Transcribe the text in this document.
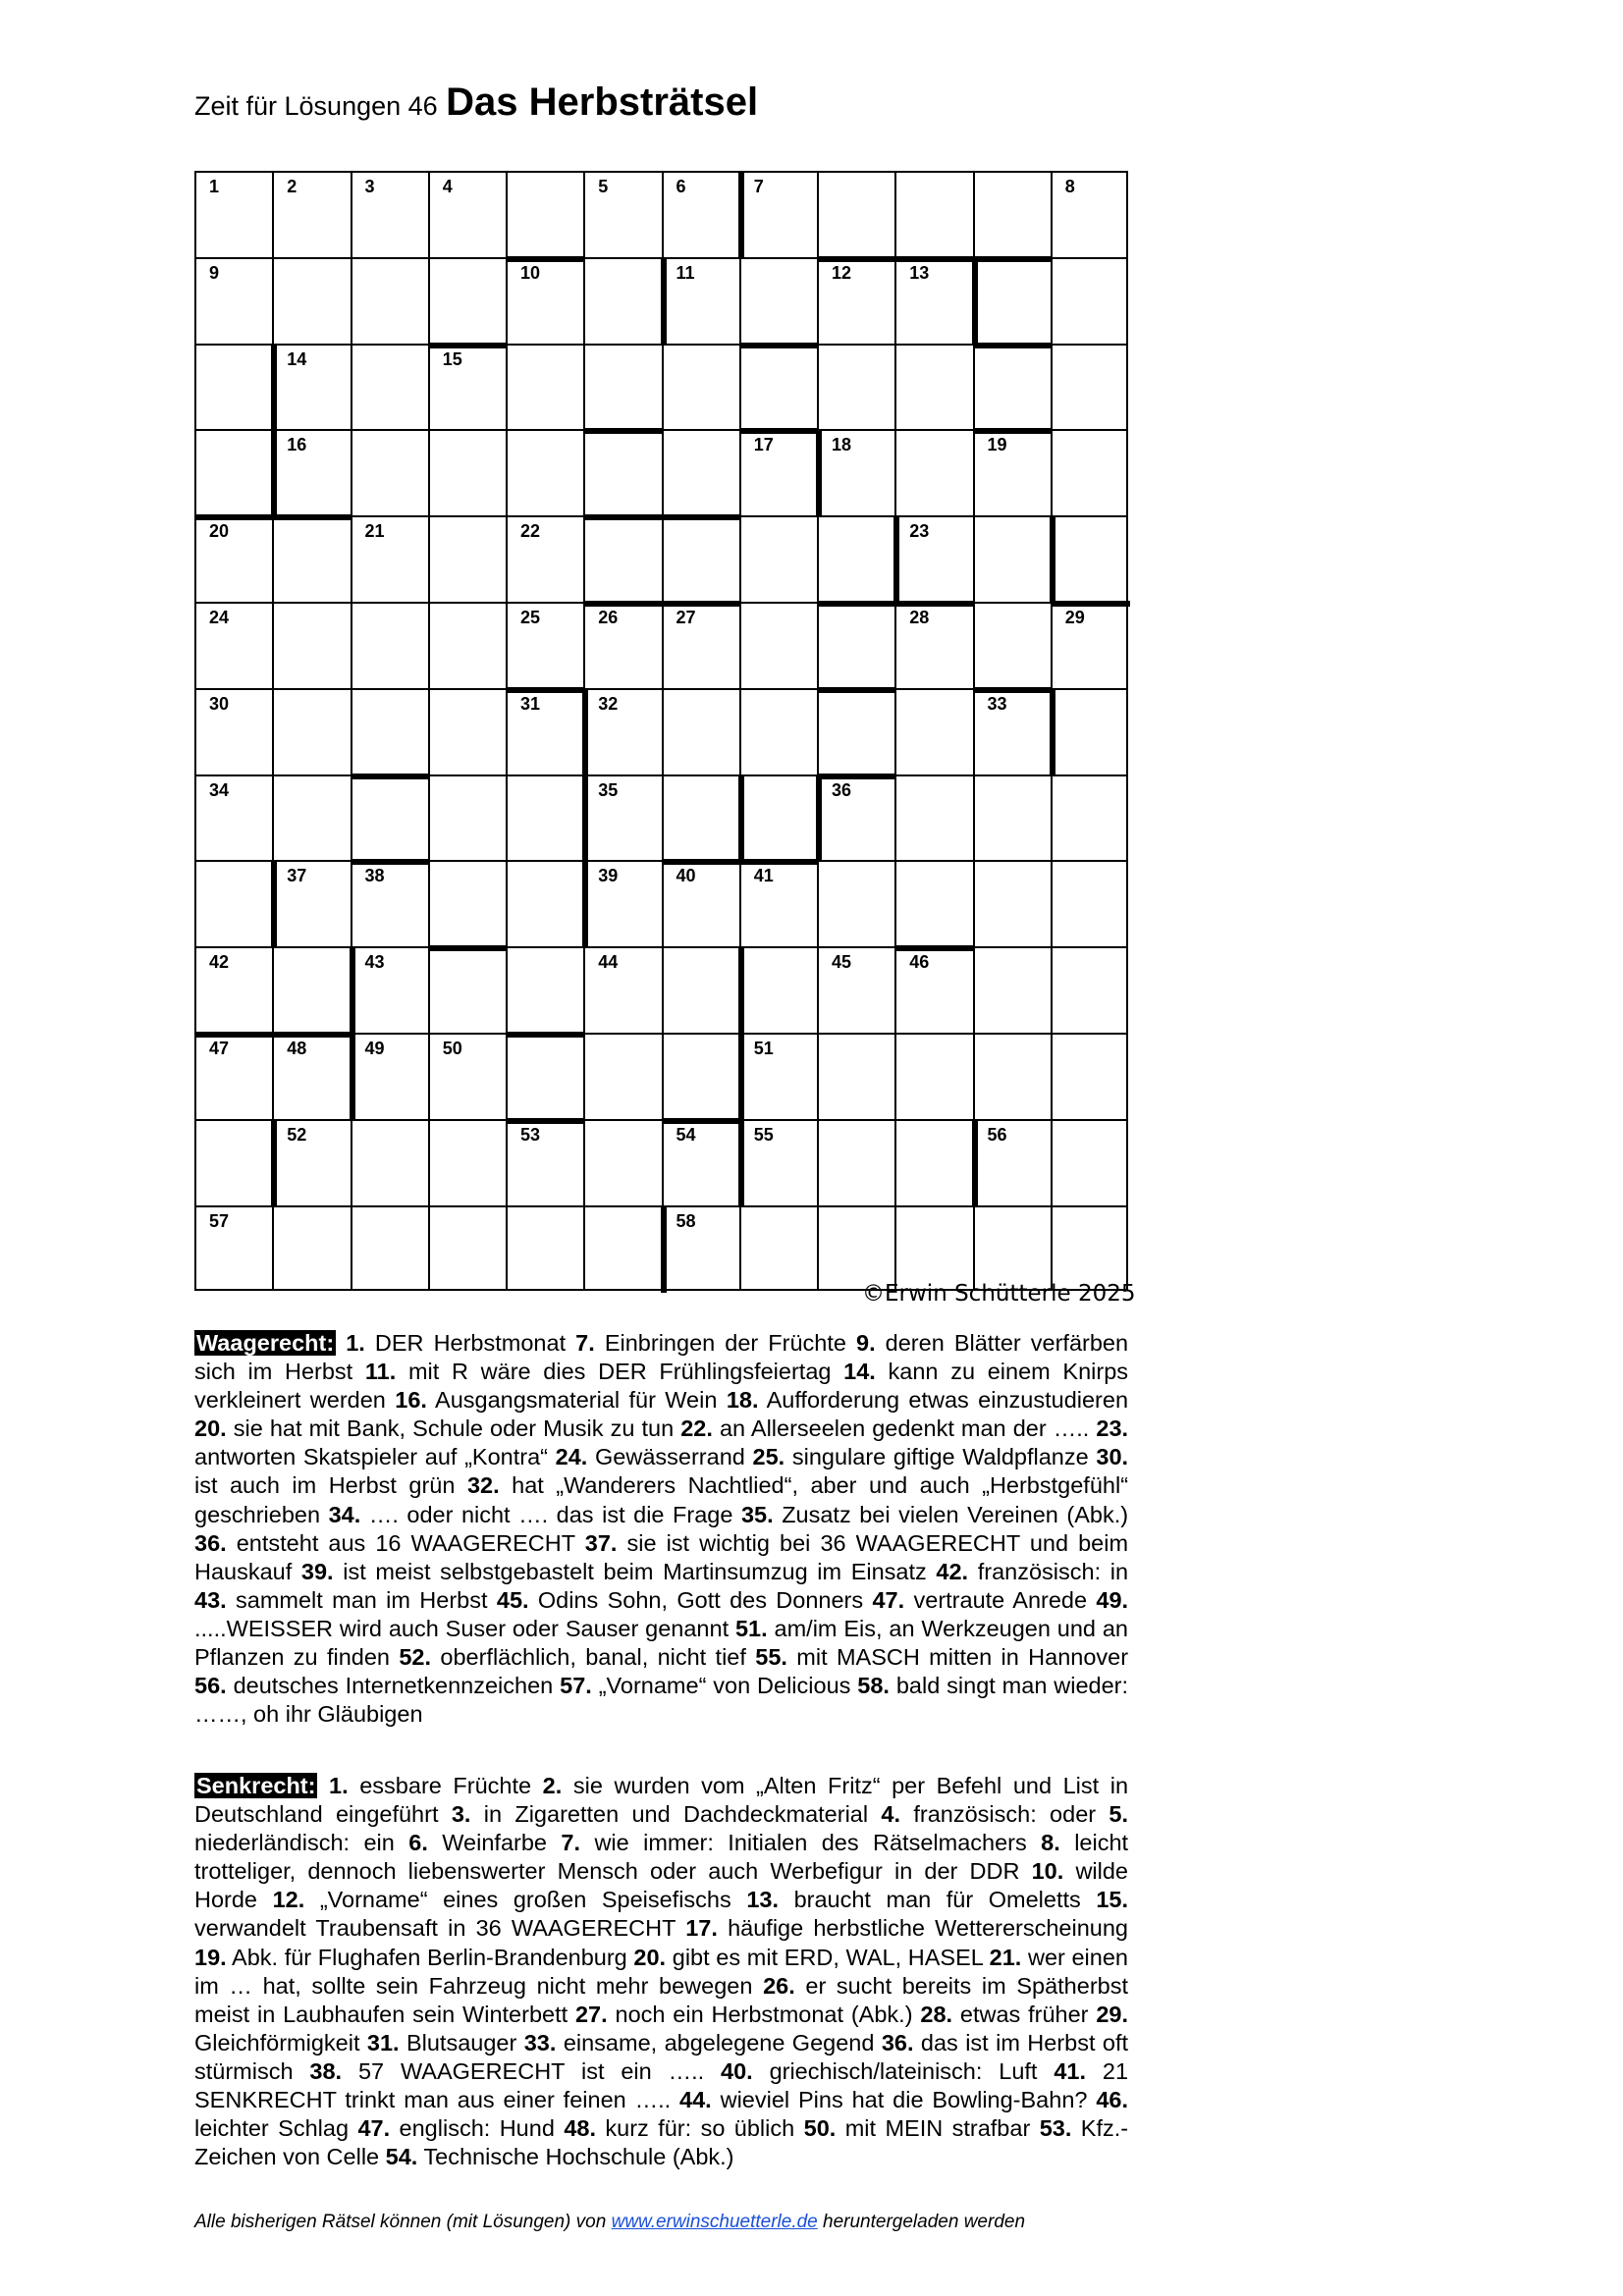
Zeit für Lösungen 46 Das Herbsträtsel
1	2	3	4	5	6	7	8
9	10	11	12	13
14	15
16	17	18	19
20	21	22	23
24	25	26	27	28	29
30	31	32	33
34	35	36
37	38	39	40	41
42	43	44	45	46
47	48	49	50	51
52	53	54	55	56
57	58
©Erwin Schütterle 2025
Waagerecht: 1. DER Herbstmonat 7. Einbringen der Früchte 9. deren Blätter verfärben sich im Herbst 11. mit R wäre dies DER Frühlingsfeiertag 14. kann zu einem Knirps verkleinert werden 16. Ausgangsmaterial für Wein 18. Aufforderung etwas einzustudieren 20. sie hat mit Bank, Schule oder Musik zu tun 22. an Allerseelen gedenkt man der ….. 23. antworten Skatspieler auf „Kontra“ 24. Gewässerrand 25. singulare giftige Waldpflanze 30. ist auch im Herbst grün 32. hat „Wanderers Nachtlied“, aber und auch „Herbstgefühl“ geschrieben 34. …. oder nicht …. das ist die Frage 35. Zusatz bei vielen Vereinen (Abk.) 36. entsteht aus 16 WAAGERECHT 37. sie ist wichtig bei 36 WAAGERECHT und beim Hauskauf 39. ist meist selbstgebastelt beim Martinsumzug im Einsatz 42. französisch: in 43. sammelt man im Herbst 45. Odins Sohn, Gott des Donners 47. vertraute Anrede 49. .....WEISSER wird auch Suser oder Sauser genannt 51. am/im Eis, an Werkzeugen und an Pflanzen zu finden 52. oberflächlich, banal, nicht tief 55. mit MASCH mitten in Hannover 56. deutsches Internetkennzeichen 57. „Vorname“ von Delicious 58. bald singt man wieder: ……, oh ihr Gläubigen
Senkrecht: 1. essbare Früchte 2. sie wurden vom „Alten Fritz“ per Befehl und List in Deutschland eingeführt 3. in Zigaretten und Dachdeckmaterial 4. französisch: oder 5. niederländisch: ein 6. Weinfarbe 7. wie immer: Initialen des Rätselmachers 8. leicht trotteliger, dennoch liebenswerter Mensch oder auch Werbefigur in der DDR 10. wilde Horde 12. „Vorname“ eines großen Speisefischs 13. braucht man für Omeletts 15. verwandelt Traubensaft in 36 WAAGERECHT 17. häufige herbstliche Wettererscheinung 19. Abk. für Flughafen Berlin-Brandenburg 20. gibt es mit ERD, WAL, HASEL 21. wer einen im … hat, sollte sein Fahrzeug nicht mehr bewegen 26. er sucht bereits im Spätherbst meist in Laubhaufen sein Winterbett 27. noch ein Herbstmonat (Abk.) 28. etwas früher 29. Gleichförmigkeit 31. Blutsauger 33. einsame, abgelegene Gegend 36. das ist im Herbst oft stürmisch 38. 57 WAAGERECHT ist ein ….. 40. griechisch/lateinisch: Luft 41. 21 SENKRECHT trinkt man aus einer feinen ….. 44. wieviel Pins hat die Bowling-Bahn? 46. leichter Schlag 47. englisch: Hund 48. kurz für: so üblich 50. mit MEIN strafbar 53. Kfz.-Zeichen von Celle 54. Technische Hochschule (Abk.)
Alle bisherigen Rätsel können (mit Lösungen) von www.erwinschuetterle.de heruntergeladen werden
